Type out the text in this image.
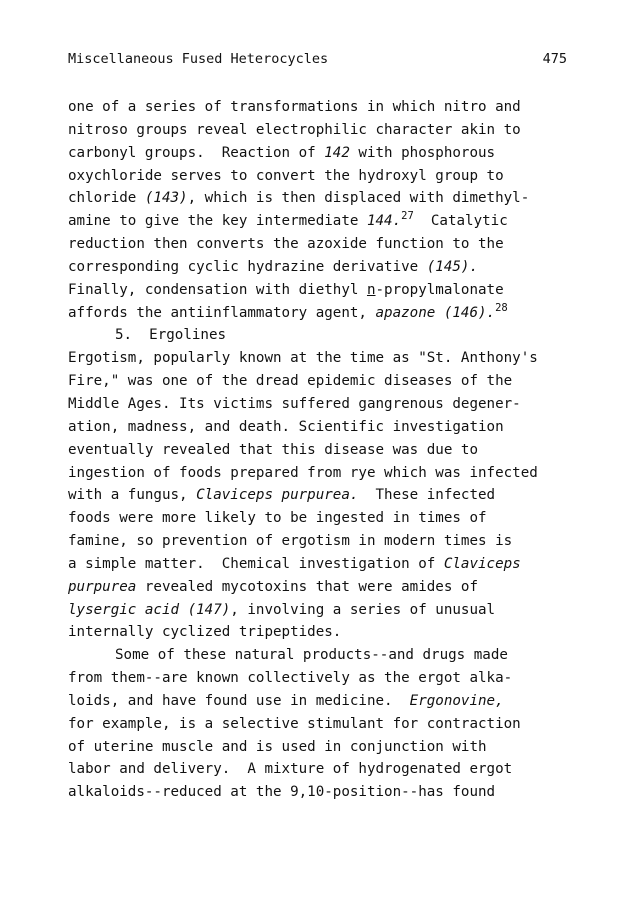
Miscellaneous Fused Heterocycles	475
one of a series of transformations in which nitro and
nitroso groups reveal electrophilic character akin to
carbonyl groups.  Reaction of 142 with phosphorous
oxychloride serves to convert the hydroxyl group to
chloride (143), which is then displaced with dimethyl-
amine to give the key intermediate 144.27  Catalytic
reduction then converts the azoxide function to the
corresponding cyclic hydrazine derivative (145).
Finally, condensation with diethyl n-propylmalonate
affords the antiinflammatory agent, apazone (146).$^{28}$
5.  Ergolines
Ergotism, popularly known at the time as "St. Anthony's
Fire," was one of the dread epidemic diseases of the
Middle Ages. Its victims suffered gangrenous degener-
ation, madness, and death. Scientific investigation
eventually revealed that this disease was due to
ingestion of foods prepared from rye which was infected
with a fungus, Claviceps purpurea.  These infected
foods were more likely to be ingested in times of
famine, so prevention of ergotism in modern times is
a simple matter.  Chemical investigation of Claviceps
purpurea revealed mycotoxins that were amides of
lysergic acid (147), involving a series of unusual
internally cyclized tripeptides.
Some of these natural products--and drugs made
from them--are known collectively as the ergot alka-
loids, and have found use in medicine.  Ergonovine,
for example, is a selective stimulant for contraction
of uterine muscle and is used in conjunction with
labor and delivery.  A mixture of hydrogenated ergot
alkaloids--reduced at the 9,10-position--has found
